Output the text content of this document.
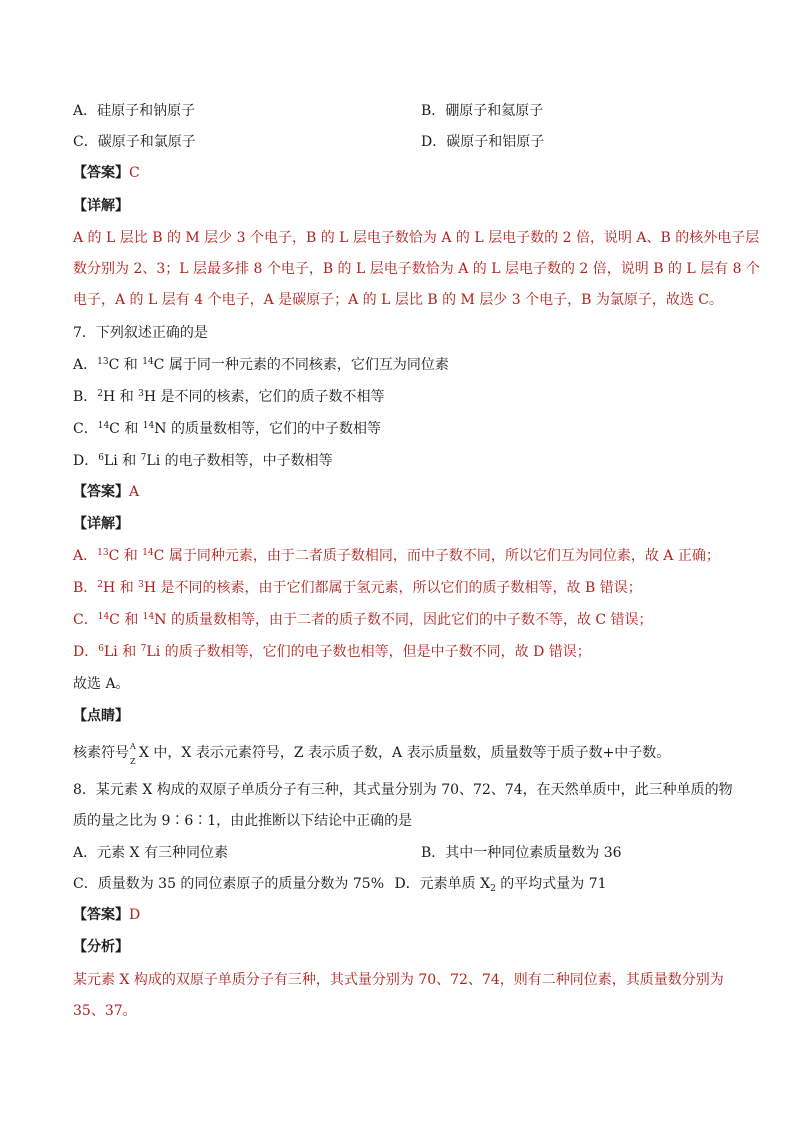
A．硅原子和钠原子	B．硼原子和氦原子
C．碳原子和氯原子	D．碳原子和铝原子
【答案】C
【详解】
A 的 L 层比 B 的 M 层少 3 个电子，B 的 L 层电子数恰为 A 的 L 层电子数的 2 倍，说明 A、B 的核外电子层
数分别为 2、3；L 层最多排 8 个电子，B 的 L 层电子数恰为 A 的 L 层电子数的 2 倍，说明 B 的 L 层有 8 个
电子，A 的 L 层有 4 个电子，A 是碳原子；A 的 L 层比 B 的 M 层少 3 个电子，B 为氯原子，故选 C。
7．下列叙述正确的是
A．$^{13}$C 和 $^{14}$C 属于同一种元素的不同核素，它们互为同位素
B．$^2$H 和 $^3$H 是不同的核素，它们的质子数不相等
C．$^{14}$C 和 $^{14}$N 的质量数相等，它们的中子数相等
D．$^6$Li 和 $^7$Li 的电子数相等，中子数相等
【答案】A
【详解】
A．$^{13}$C 和 $^{14}$C 属于同种元素，由于二者质子数相同，而中子数不同，所以它们互为同位素，故 A 正确；
B．$^2$H 和 $^3$H 是不同的核素，由于它们都属于氢元素，所以它们的质子数相等，故 B 错误；
C．$^{14}$C 和 $^{14}$N 的质量数相等，由于二者的质子数不同，因此它们的中子数不等，故 C 错误；
D．$^6$Li 和 $^7$Li 的质子数相等，它们的电子数也相等，但是中子数不同，故 D 错误；
故选 A。
【点睛】
核素符号 A
Z
X 中，X 表示元素符号，Z 表示质子数，A 表示质量数，质量数等于质子数+中子数。
8．某元素 X 构成的双原子单质分子有三种，其式量分别为 70、72、74，在天然单质中，此三种单质的物
质的量之比为 9∶6∶1，由此推断以下结论中正确的是
A．元素 X 有三种同位素	B．其中一种同位素质量数为 36
C．质量数为 35 的同位素原子的质量分数为 75% D．元素单质 $X_2$ 的平均式量为 71
【答案】D
【分析】
某元素 X 构成的双原子单质分子有三种，其式量分别为 70、72、74，则有二种同位素，其质量数分别为
35、37。
